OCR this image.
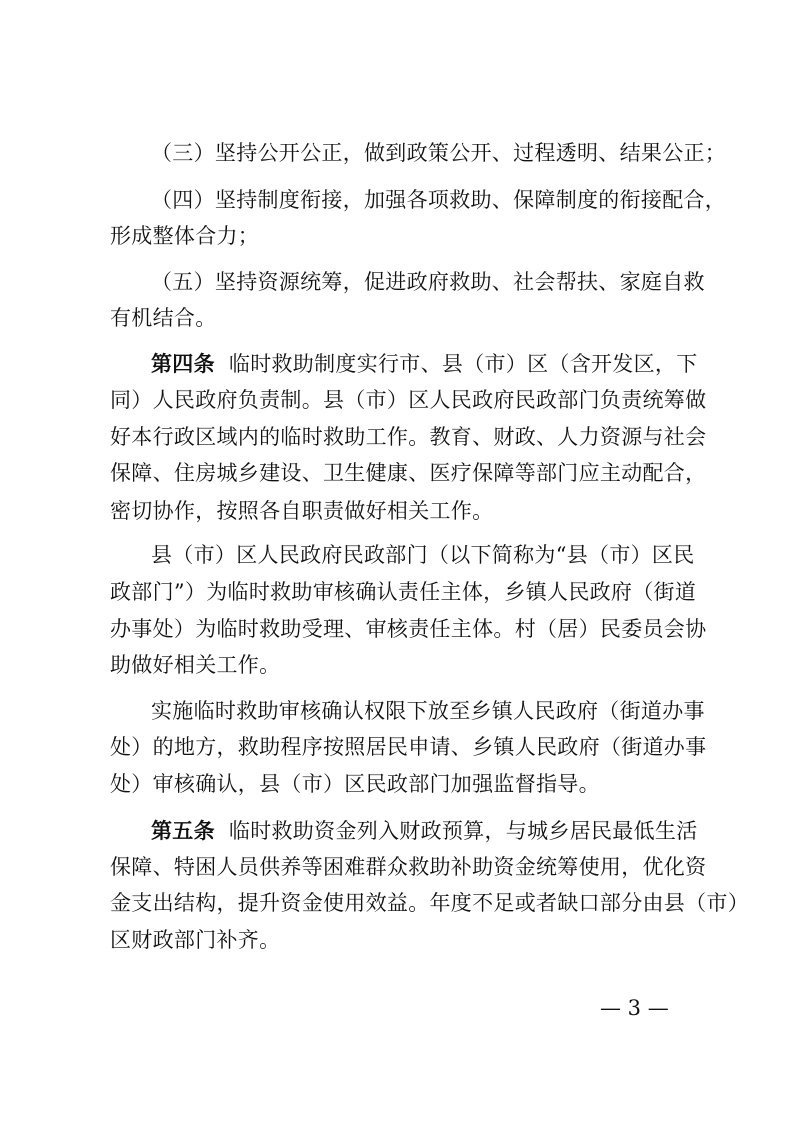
（三）坚持公开公正，做到政策公开、过程透明、结果公正；
（四）坚持制度衔接，加强各项救助、保障制度的衔接配合，
形成整体合力；
（五）坚持资源统筹，促进政府救助、社会帮扶、家庭自救
有机结合。
第四条 临时救助制度实行市、县（市）区（含开发区，下
同）人民政府负责制。县（市）区人民政府民政部门负责统筹做
好本行政区域内的临时救助工作。教育、财政、人力资源与社会
保障、住房城乡建设、卫生健康、医疗保障等部门应主动配合，
密切协作，按照各自职责做好相关工作。
县（市）区人民政府民政部门（以下简称为“县（市）区民
政部门”）为临时救助审核确认责任主体，乡镇人民政府（街道
办事处）为临时救助受理、审核责任主体。村（居）民委员会协
助做好相关工作。
实施临时救助审核确认权限下放至乡镇人民政府（街道办事
处）的地方，救助程序按照居民申请、乡镇人民政府（街道办事
处）审核确认，县（市）区民政部门加强监督指导。
第五条 临时救助资金列入财政预算，与城乡居民最低生活
保障、特困人员供养等困难群众救助补助资金统筹使用，优化资
金支出结构，提升资金使用效益。年度不足或者缺口部分由县（市）
区财政部门补齐。
— 3 —
